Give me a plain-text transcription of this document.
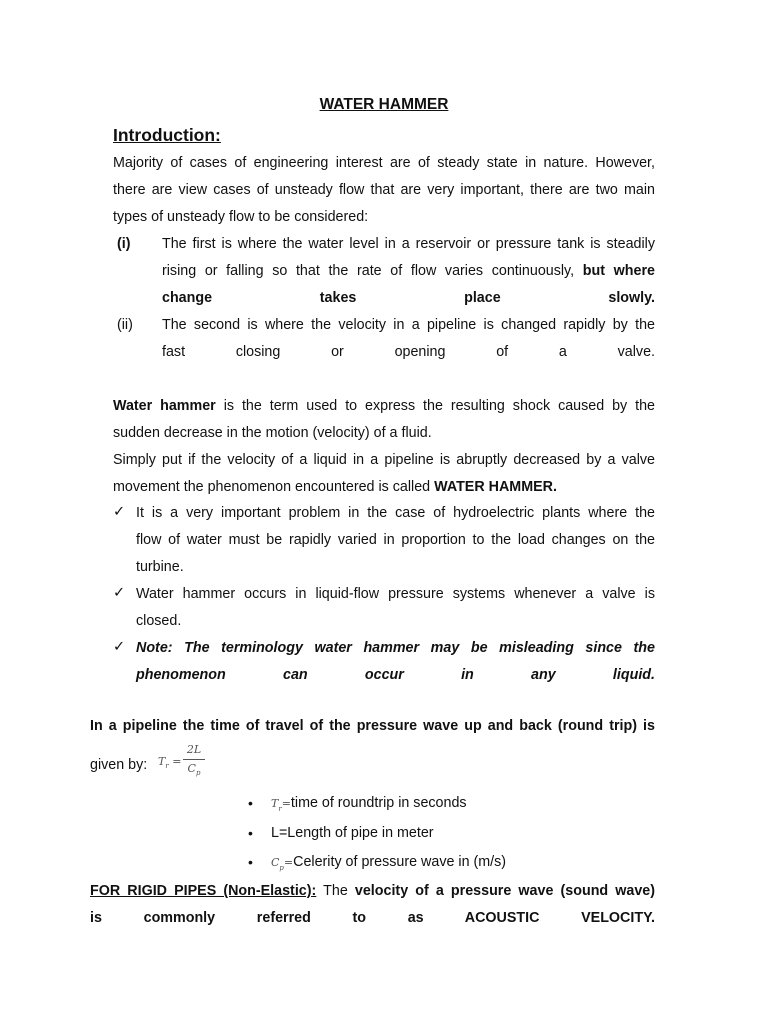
WATER HAMMER
Introduction:
Majority of cases of engineering interest are of steady state in nature. However,
there are view cases of unsteady flow that are very important, there are two main
types of unsteady flow to be considered:
(i) The first is where the water level in a reservoir or pressure tank is steadily
rising or falling so that the rate of flow varies continuously, but where
change takes place slowly.
(ii) The second is where the velocity in a pipeline is changed rapidly by the
fast closing or opening of a valve.
Water hammer is the term used to express the resulting shock caused by the
sudden decrease in the motion (velocity) of a fluid.
Simply put if the velocity of a liquid in a pipeline is abruptly decreased by a valve
movement the phenomenon encountered is called WATER HAMMER.
✓ It is a very important problem in the case of hydroelectric plants where the
flow of water must be rapidly varied in proportion to the load changes on the
turbine.
✓ Water hammer occurs in liquid-flow pressure systems whenever a valve is
closed.
✓ Note: The terminology water hammer may be misleading since the
phenomenon can occur in any liquid.
In a pipeline the time of travel of the pressure wave up and back (round trip) is
given by: $T_r$ =
2L
$C_p$
• $T_r=time$ of roundtrip in seconds
• L=Length of pipe in meter
• $C_p=Celerity$ of pressure wave in (m/s)
FOR RIGID PIPES (Non-Elastic): The velocity of a pressure wave (sound wave)
is commonly referred to as ACOUSTIC VELOCITY.
